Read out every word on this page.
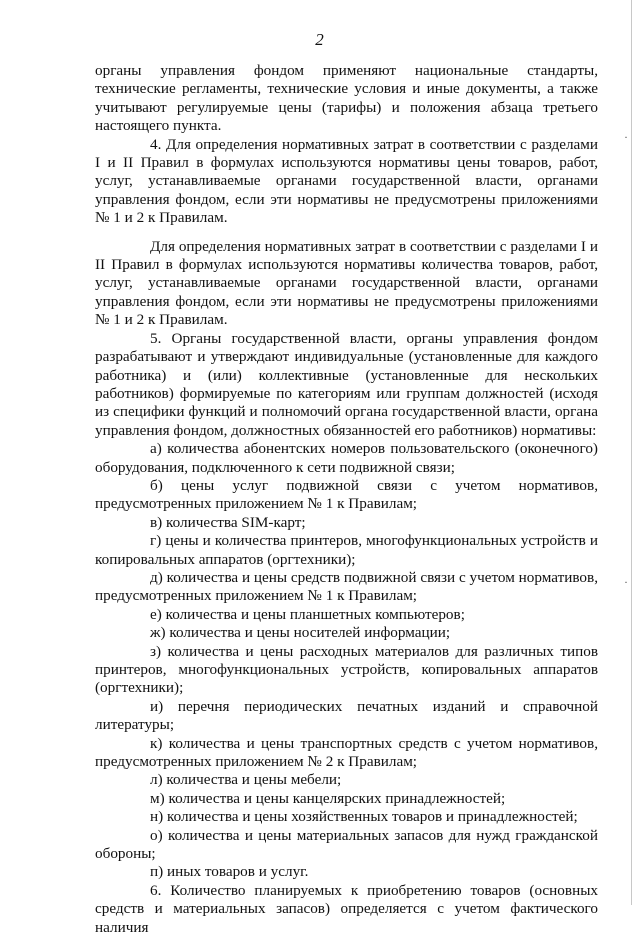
2

органы управления фондом применяют национальные стандарты, технические регламенты, технические условия и иные документы, а также учитывают регулируемые цены (тарифы) и положения абзаца третьего настоящего пункта.

4. Для определения нормативных затрат в соответствии с разделами I и II Правил в формулах используются нормативы цены товаров, работ, услуг, устанавливаемые органами государственной власти, органами управления фондом, если эти нормативы не предусмотрены приложениями № 1 и 2 к Правилам.

Для определения нормативных затрат в соответствии с разделами I и II Правил в формулах используются нормативы количества товаров, работ, услуг, устанавливаемые органами государственной власти, органами управления фондом, если эти нормативы не предусмотрены приложениями № 1 и 2 к Правилам.

5. Органы государственной власти, органы управления фондом разрабатывают и утверждают индивидуальные (установленные для каждого работника) и (или) коллективные (установленные для нескольких работников) формируемые по категориям или группам должностей (исходя из специфики функций и полномочий органа государственной власти, органа управления фондом, должностных обязанностей его работников) нормативы:

а) количества абонентских номеров пользовательского (оконечного) оборудования, подключенного к сети подвижной связи;

б) цены услуг подвижной связи с учетом нормативов, предусмотренных приложением № 1 к Правилам;

в) количества SIM-карт;

г) цены и количества принтеров, многофункциональных устройств и копировальных аппаратов (оргтехники);

д) количества и цены средств подвижной связи с учетом нормативов, предусмотренных приложением № 1 к Правилам;

е) количества и цены планшетных компьютеров;

ж) количества и цены носителей информации;

з) количества и цены расходных материалов для различных типов принтеров, многофункциональных устройств, копировальных аппаратов (оргтехники);

и) перечня периодических печатных изданий и справочной литературы;

к) количества и цены транспортных средств с учетом нормативов, предусмотренных приложением № 2 к Правилам;

л) количества и цены мебели;

м) количества и цены канцелярских принадлежностей;

н) количества и цены хозяйственных товаров и принадлежностей;

о) количества и цены материальных запасов для нужд гражданской обороны;

п) иных товаров и услуг.

6. Количество планируемых к приобретению товаров (основных средств и материальных запасов) определяется с учетом фактического наличия

·
·
